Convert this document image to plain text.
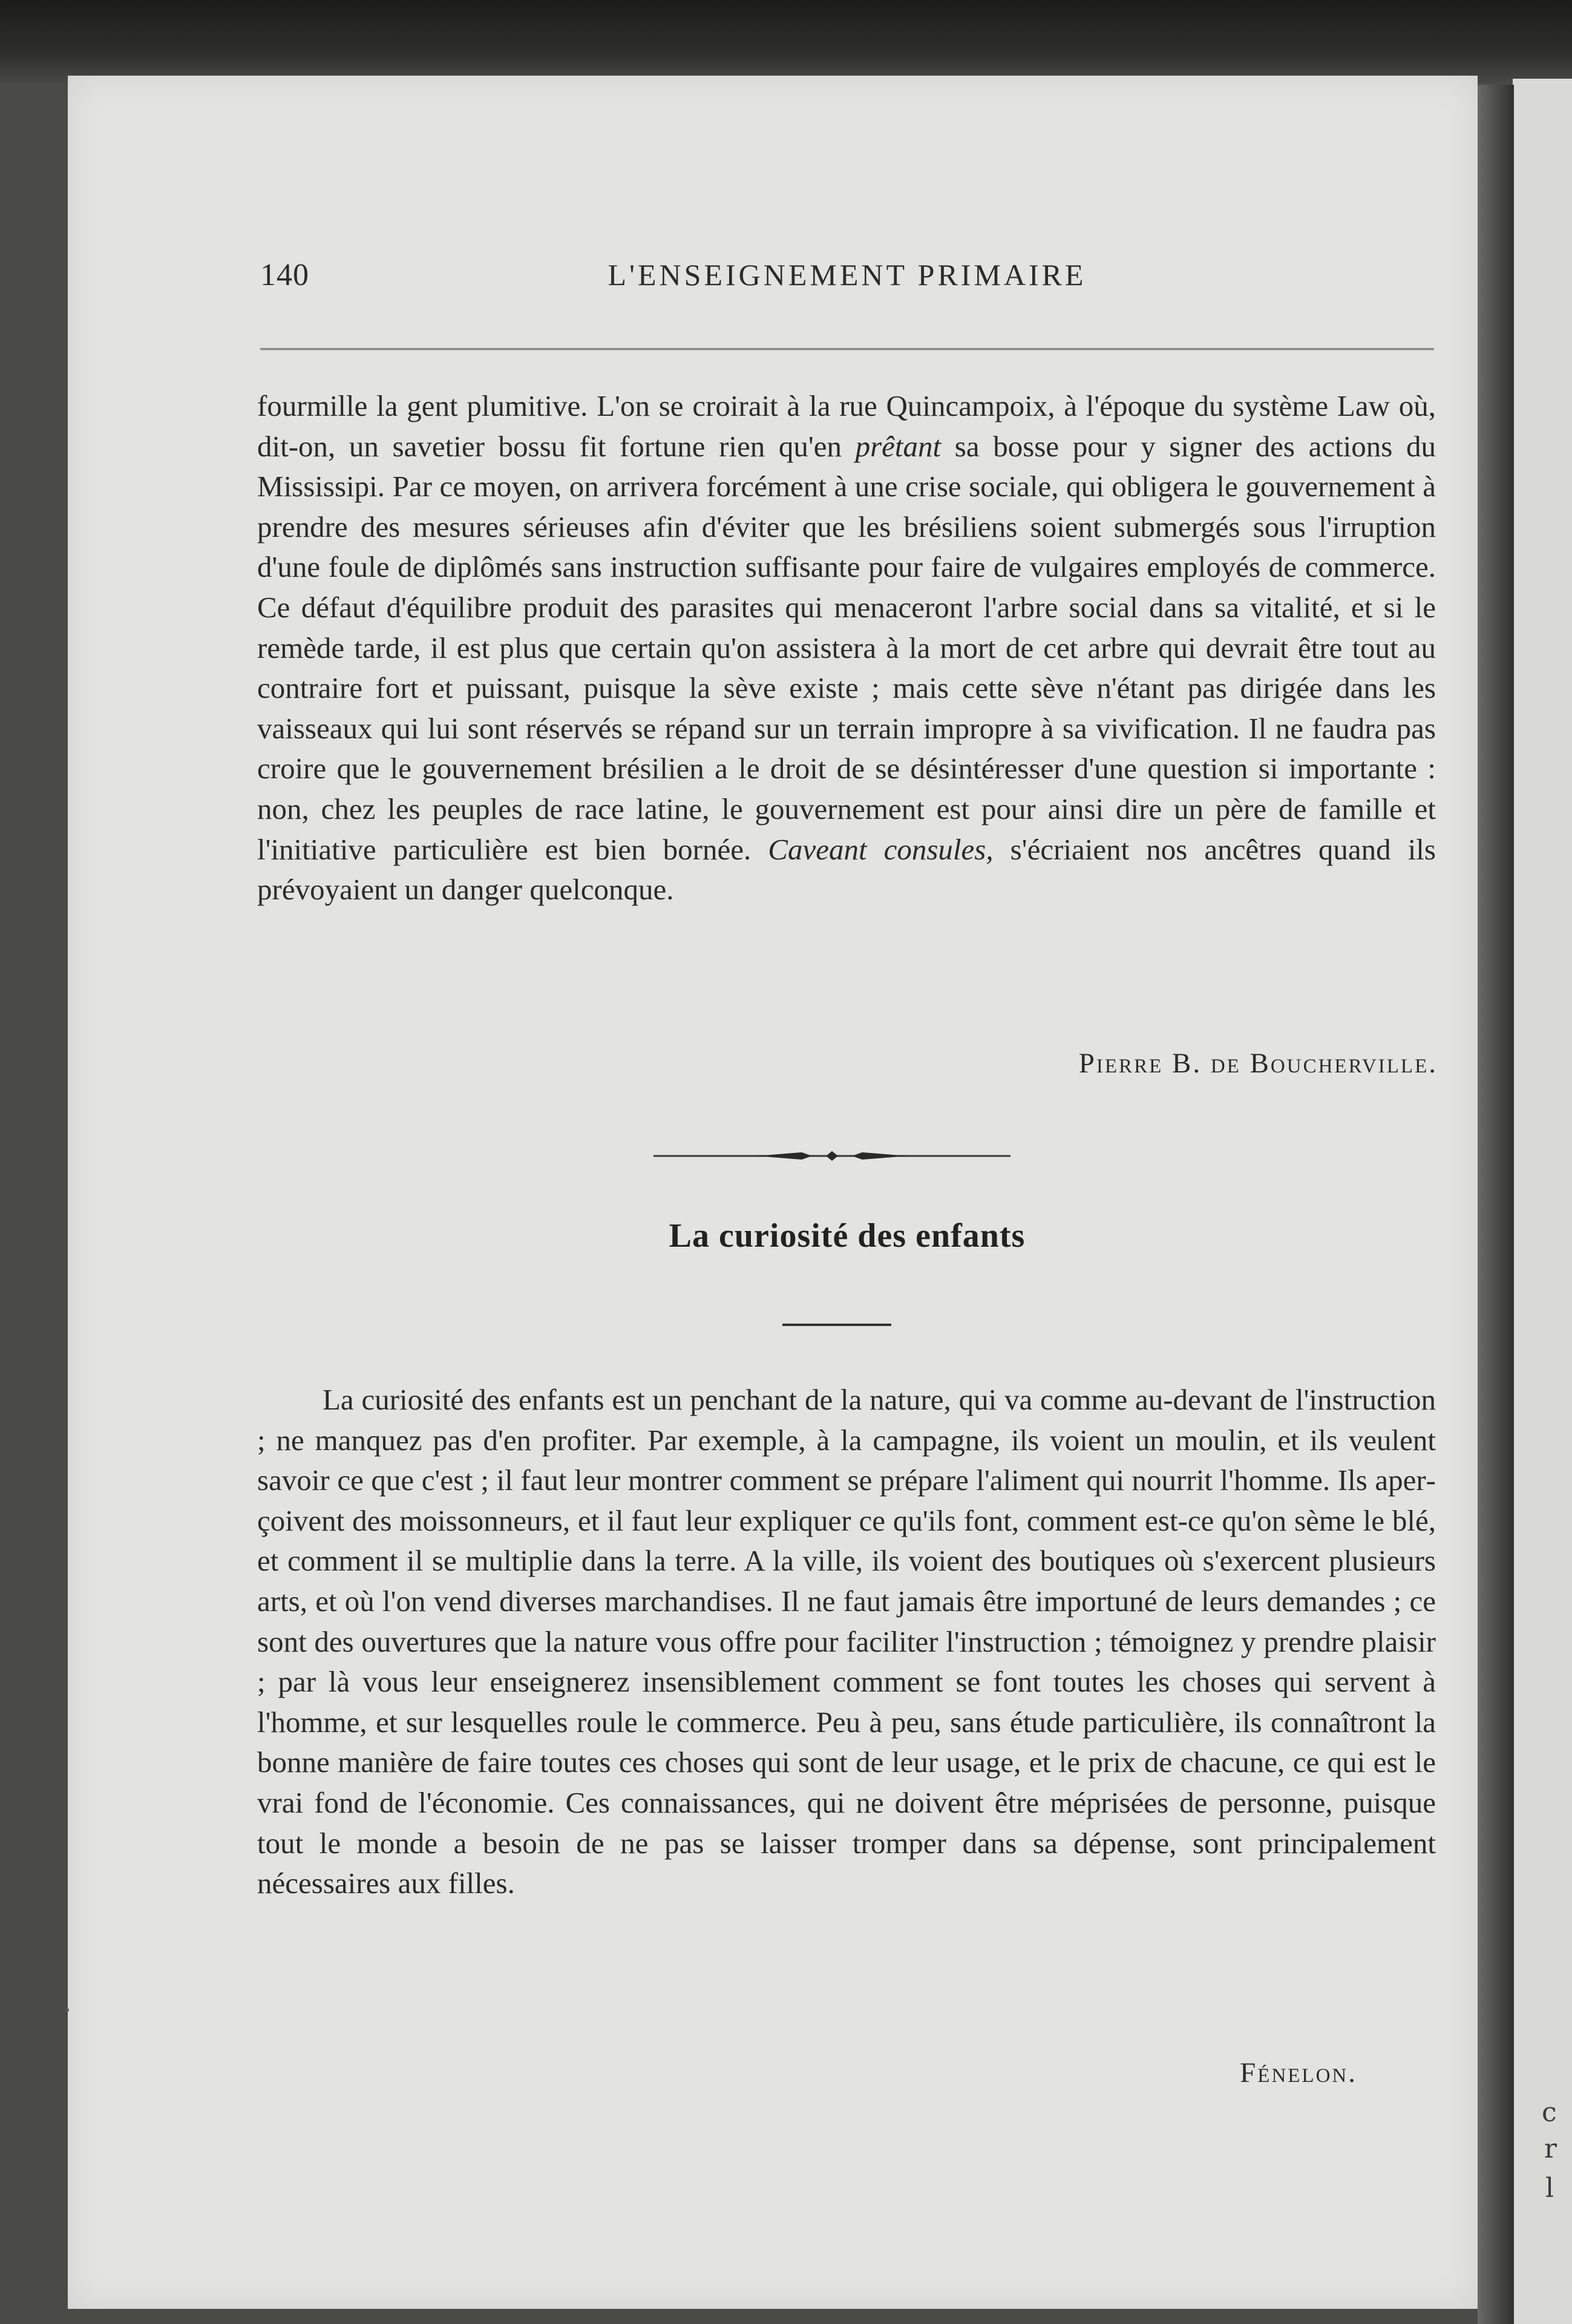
c
r
l
140	L'ENSEIGNEMENT PRIMAIRE
fourmille la gent plumitive. L'on se croirait à la rue Quincampoix, à l'époque du système Law où, dit-on, un savetier bossu fit fortune rien qu'en prêtant sa bosse pour y signer des actions du Mississipi. Par ce moyen, on arrivera forcément à une crise sociale, qui obligera le gouvernement à prendre des mesures sérieuses afin d'éviter que les brésiliens soient submergés sous l'irruption d'une foule de diplômés sans instruction suffisante pour faire de vulgaires employés de commerce. Ce défaut d'équilibre produit des parasites qui menaceront l'arbre social dans sa vitalité, et si le remède tarde, il est plus que certain qu'on assistera à la mort de cet arbre qui devrait être tout au contraire fort et puissant, puisque la sève existe ; mais cette sève n'étant pas dirigée dans les vaisseaux qui lui sont réservés se répand sur un terrain impropre à sa vivification. Il ne faudra pas croire que le gouvernement brésilien a le droit de se désintéresser d'une question si importante : non, chez les peuples de race latine, le gouvernement est pour ainsi dire un père de famille et l'initiative particulière est bien bornée. Caveant consules, s'écriaient nos ancêtres quand ils prévoyaient un danger quelconque.
Pierre B. de Boucherville.
La curiosité des enfants
La curiosité des enfants est un penchant de la nature, qui va comme au-devant de l'instruction ; ne manquez pas d'en profiter. Par exemple, à la campagne, ils voient un moulin, et ils veulent savoir ce que c'est ; il faut leur montrer comment se prépare l'aliment qui nourrit l'homme. Ils aperçoivent des moissonneurs, et il faut leur expliquer ce qu'ils font, comment est-ce qu'on sème le blé, et comment il se multiplie dans la terre. A la ville, ils voient des boutiques où s'exercent plusieurs arts, et où l'on vend diverses marchandises. Il ne faut jamais être importuné de leurs demandes ; ce sont des ouvertures que la nature vous offre pour faciliter l'instruction ; témoignez y prendre plaisir ; par là vous leur enseignerez insensiblement comment se font toutes les choses qui servent à l'homme, et sur lesquelles roule le commerce. Peu à peu, sans étude particulière, ils connaîtront la bonne manière de faire toutes ces choses qui sont de leur usage, et le prix de chacune, ce qui est le vrai fond de l'économie. Ces connaissances, qui ne doivent être méprisées de personne, puisque tout le monde a besoin de ne pas se laisser tromper dans sa dépense, sont principalement nécessaires aux filles.
Fénelon.
